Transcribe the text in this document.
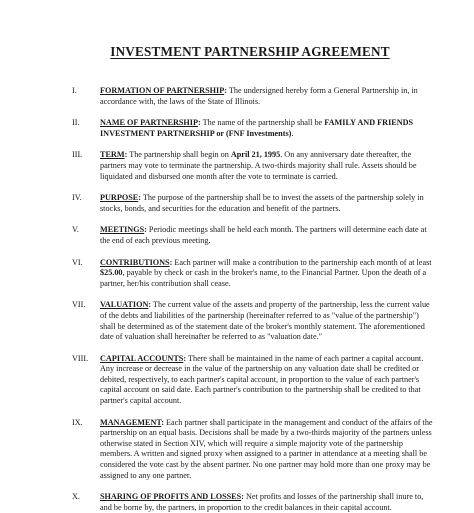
INVESTMENT PARTNERSHIP AGREEMENT
I.	FORMATION OF PARTNERSHIP: The undersigned hereby form a General Partnership in, in accordance with, the laws of the State of Illinois.
II.	NAME OF PARTNERSHIP: The name of the partnership shall be FAMILY AND FRIENDS INVESTMENT PARTNERSHIP or (FNF Investments).
III.	TERM: The partnership shall begin on April 21, 1995. On any anniversary date thereafter, the partners may vote to terminate the partnership. A two-thirds majority shall rule. Assets should be liquidated and disbursed one month after the vote to terminate is carried.
IV.	PURPOSE: The purpose of the partnership shall be to invest the assets of the partnership solely in stocks, bonds, and securities for the education and benefit of the partners.
V.	MEETINGS: Periodic meetings shall be held each month. The partners will determine each date at the end of each previous meeting.
VI.	CONTRIBUTIONS: Each partner will make a contribution to the partnership each month of at least $25.00, payable by check or cash in the broker's name, to the Financial Partner. Upon the death of a partner, her/his contribution shall cease.
VII.	VALUATION: The current value of the assets and property of the partnership, less the current value of the debts and liabilities of the partnership (hereinafter referred to as "value of the partnership") shall be determined as of the statement date of the broker's monthly statement. The aforementioned date of valuation shall hereinafter be referred to as "valuation date."
VIII.	CAPITAL ACCOUNTS: There shall be maintained in the name of each partner a capital account. Any increase or decrease in the value of the partnership on any valuation date shall be credited or debited, respectively, to each partner's capital account, in proportion to the value of each partner's capital account on said date. Each partner's contribution to the partnership shall be credited to that partner's capital account.
IX.	MANAGEMENT: Each partner shall participate in the management and conduct of the affairs of the partnership on an equal basis. Decisions shall be made by a two-thirds majority of the partners unless otherwise stated in Section XIV, which will require a simple majority vote of the partnership members. A written and signed proxy when assigned to a partner in attendance at a meeting shall be considered the vote cast by the absent partner. No one partner may hold more than one proxy may be assigned to any one partner.
X.	SHARING OF PROFITS AND LOSSES: Net profits and losses of the partnership shall inure to, and be borne by, the partners, in proportion to the credit balances in their capital account.
